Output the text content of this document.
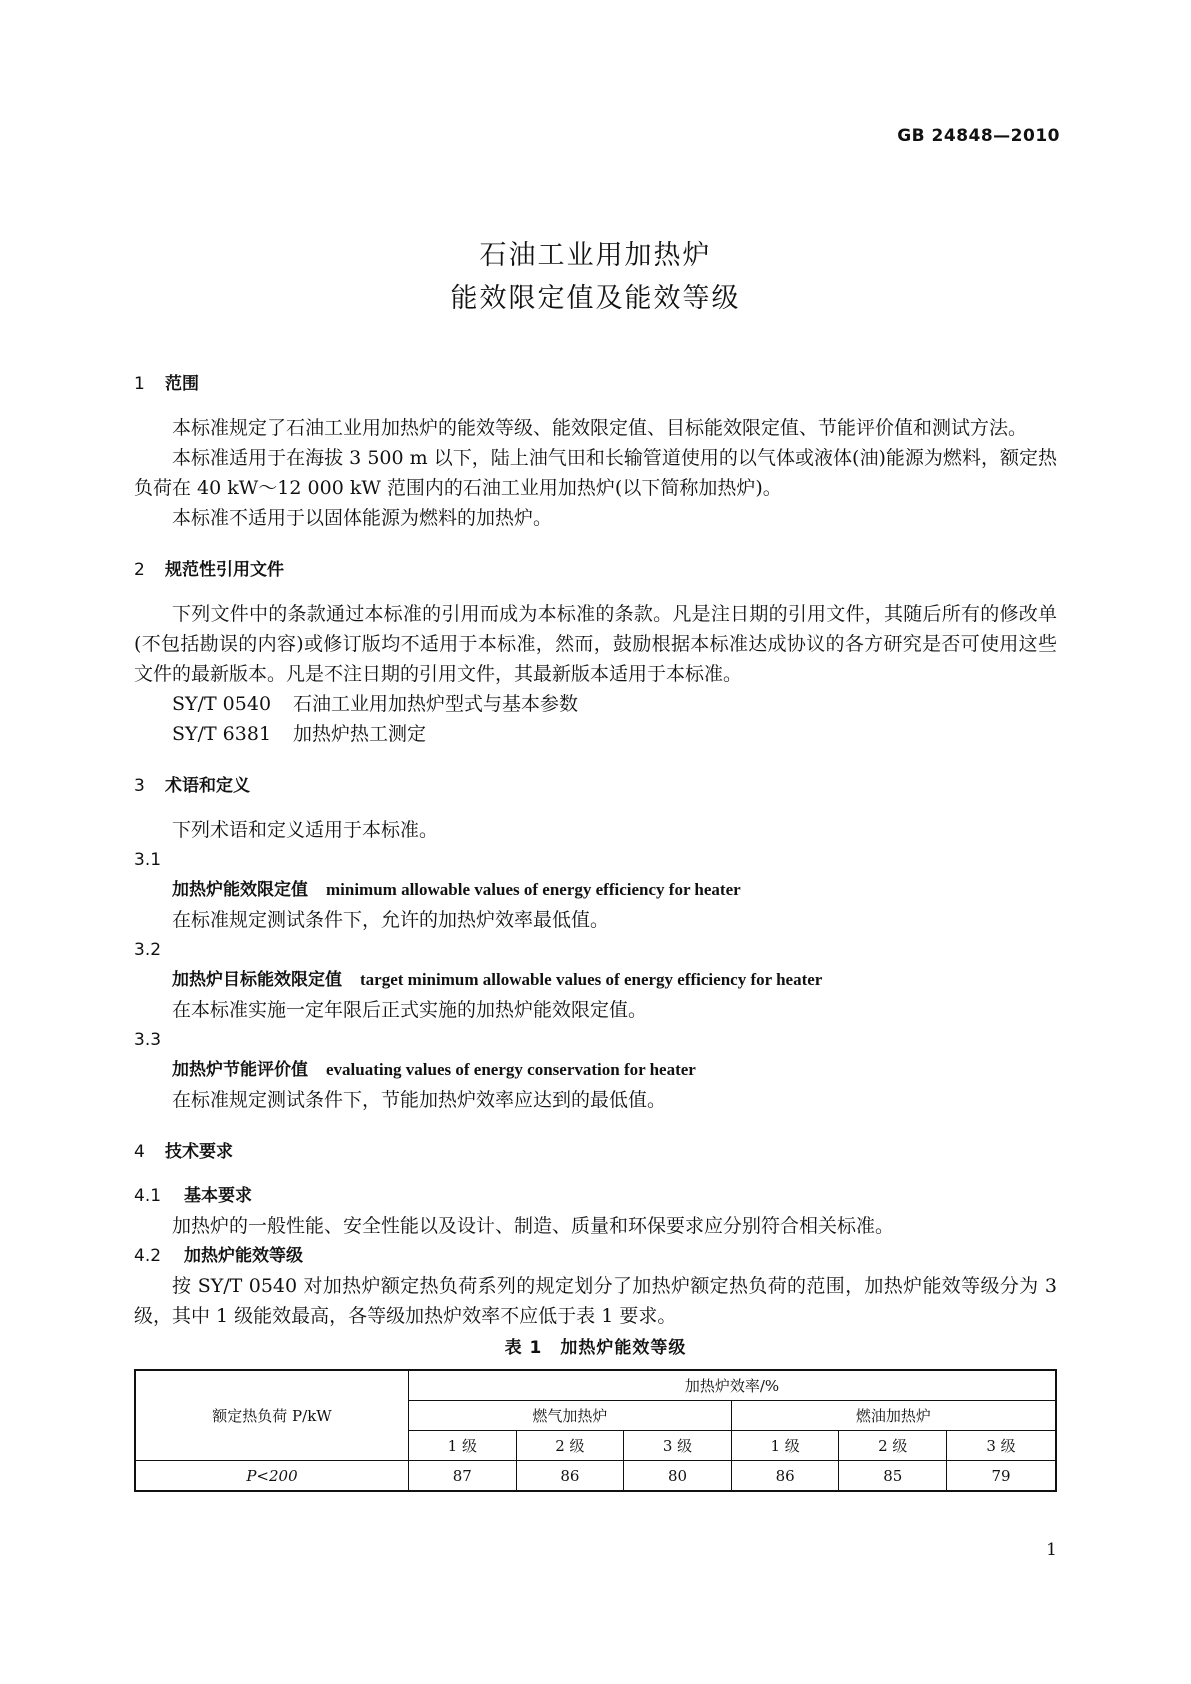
GB 24848—2010
石油工业用加热炉
能效限定值及能效等级
1 范围

本标准规定了石油工业用加热炉的能效等级、能效限定值、目标能效限定值、节能评价值和测试方法。

本标准适用于在海拔 3 500 m 以下，陆上油气田和长输管道使用的以气体或液体(油)能源为燃料，额定热负荷在 40 kW～12 000 kW 范围内的石油工业用加热炉(以下简称加热炉)。

本标准不适用于以固体能源为燃料的加热炉。

2 规范性引用文件

下列文件中的条款通过本标准的引用而成为本标准的条款。凡是注日期的引用文件，其随后所有的修改单(不包括勘误的内容)或修订版均不适用于本标准，然而，鼓励根据本标准达成协议的各方研究是否可使用这些文件的最新版本。凡是不注日期的引用文件，其最新版本适用于本标准。

SY/T 0540 石油工业用加热炉型式与基本参数

SY/T 6381 加热炉热工测定

3 术语和定义

下列术语和定义适用于本标准。

3.1
加热炉能效限定值 minimum allowable values of energy efficiency for heater

在标准规定测试条件下，允许的加热炉效率最低值。

3.2
加热炉目标能效限定值 target minimum allowable values of energy efficiency for heater

在本标准实施一定年限后正式实施的加热炉能效限定值。

3.3
加热炉节能评价值 evaluating values of energy conservation for heater

在标准规定测试条件下，节能加热炉效率应达到的最低值。

4 技术要求
4.1 基本要求

加热炉的一般性能、安全性能以及设计、制造、质量和环保要求应分别符合相关标准。

4.2 加热炉能效等级

按 SY/T 0540 对加热炉额定热负荷系列的规定划分了加热炉额定热负荷的范围，加热炉能效等级分为 3 级，其中 1 级能效最高，各等级加热炉效率不应低于表 1 要求。

表 1　加热炉能效等级
额定热负荷 P/kW	加热炉效率/%					
	燃气加热炉			燃油加热炉		
	1 级	2 级	3 级	1 级	2 级	3 级
P<200	87	86	80	86	85	79
1
